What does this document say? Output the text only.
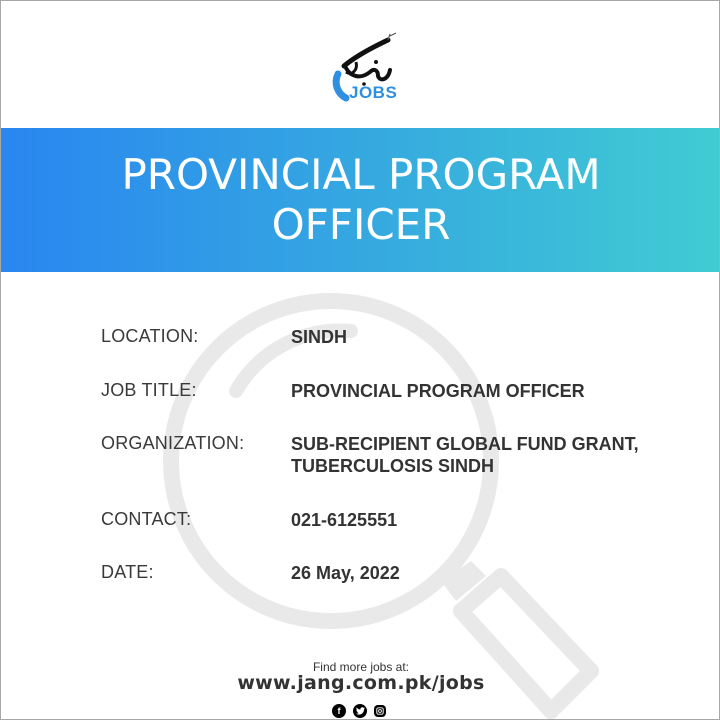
JOBS
PROVINCIAL PROGRAM OFFICER
LOCATION:	SINDH
JOB TITLE:	PROVINCIAL PROGRAM OFFICER
ORGANIZATION:	SUB-RECIPIENT GLOBAL FUND GRANT, TUBERCULOSIS SINDH
CONTACT:	021-6125551
DATE:	26 May, 2022
Find more jobs at:
www.jang.com.pk/jobs
f
